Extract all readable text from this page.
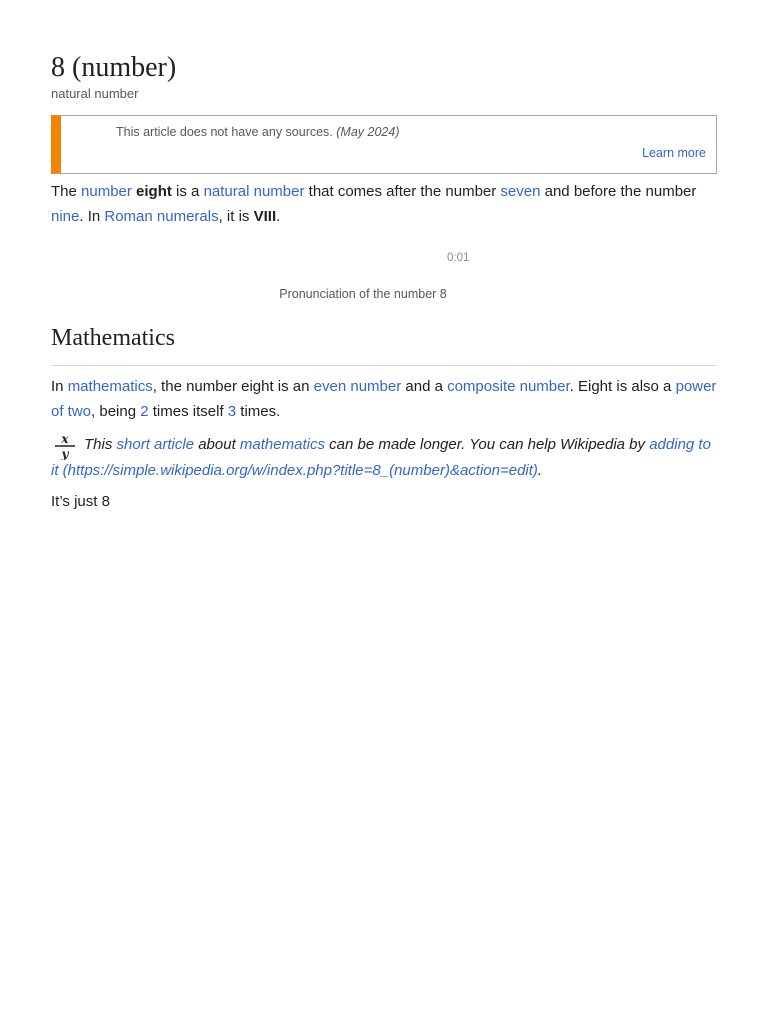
8 (number)
natural number
This article does not have any sources. (May 2024)
Learn more

The number eight is a natural number that comes after the number seven and before the number nine. In Roman numerals, it is VIII.

0:01
Pronunciation of the number 8
Mathematics

In mathematics, the number eight is an even number and a composite number. Eight is also a power of two, being 2 times itself 3 times.

x
y

This short article about mathematics can be made longer. You can help Wikipedia by adding to it (https://simple.wikipedia.org/w/index.php?title=8_(number)&action=edit).

It’s just 8
